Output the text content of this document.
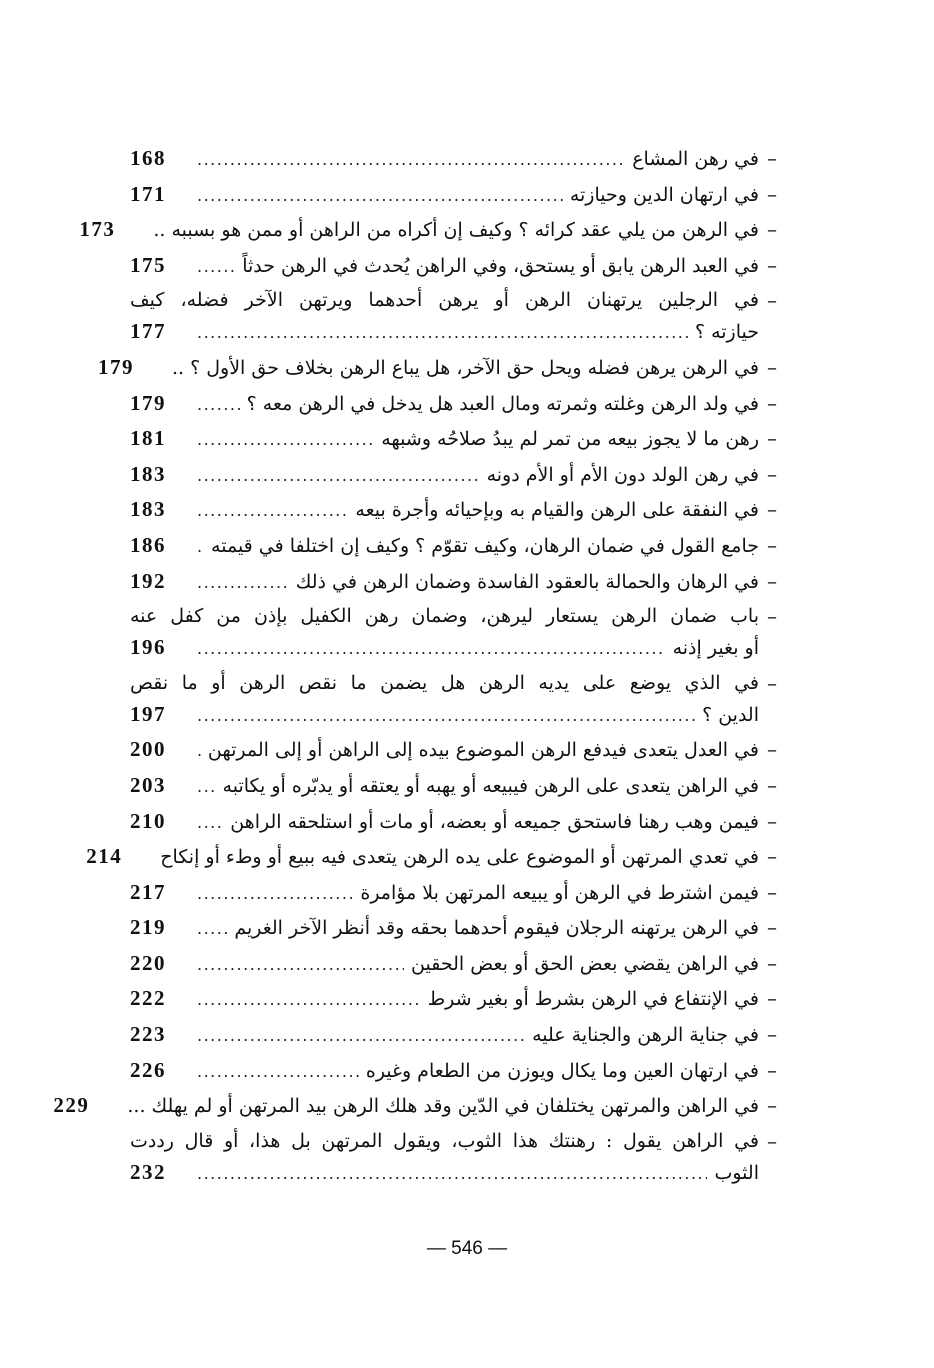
–
في رهن المشاع
.....
168
–
في ارتهان الدين وحيازته
.....
171
–
في الرهن من يلي عقد كرائه ؟ وكيف إن أكراه من الراهن أو ممن هو بسببه ..
173
–
في العبد الرهن يابق أو يستحق، وفي الراهن يُحدث في الرهن حدثاً
.....
175
–
في الرجلين يرتهنان الرهن أو يرهن أحدهما ويرتهن الآخر فضله، كيف
حيازته ؟
.....
177
–
في الرهن يرهن فضله ويحل حق الآخر، هل يباع الرهن بخلاف حق الأول ؟ ..
179
–
في ولد الرهن وغلته وثمرته ومال العبد هل يدخل في الرهن معه ؟
.....
179
–
رهن ما لا يجوز بيعه من تمر لم يبدُ صلاحُه وشبهه
.....
181
–
في رهن الولد دون الأم أو الأم دونه
.....
183
–
في النفقة على الرهن والقيام به وبإحيائه وأجرة بيعه
.....
183
–
جامع القول في ضمان الرهان، وكيف تقوّم ؟ وكيف إن اختلفا في قيمته
.....
186
–
في الرهان والحمالة بالعقود الفاسدة وضمان الرهن في ذلك
.....
192
–
باب ضمان الرهن يستعار ليرهن، وضمان رهن الكفيل بإذن من كفل عنه
أو بغير إذنه
.....
196
–
في الذي يوضع على يديه الرهن هل يضمن ما نقص الرهن أو ما نقص
الدين ؟
.....
197
–
في العدل يتعدى فيدفع الرهن الموضوع بيده إلى الراهن أو إلى المرتهن
.....
200
–
في الراهن يتعدى على الرهن فيبيعه أو يهبه أو يعتقه أو يدبّره أو يكاتبه
.....
203
–
فيمن وهب رهنا فاستحق جميعه أو بعضه، أو مات أو استلحقه الراهن
.....
210
–
في تعدي المرتهن أو الموضوع على يده الرهن يتعدى فيه ببيع أو وطء أو إنكاح
214
–
فيمن اشترط في الرهن أو يبيعه المرتهن بلا مؤامرة
.....
217
–
في الرهن يرتهنه الرجلان فيقوم أحدهما بحقه وقد أنظر الآخر الغريم
.....
219
–
في الراهن يقضي بعض الحق أو بعض الحقين
.....
220
–
في الإنتفاع في الرهن بشرط أو بغير شرط
.....
222
–
في جناية الرهن والجناية عليه
.....
223
–
في ارتهان العين وما يكال ويوزن من الطعام وغيره
.....
226
–
في الراهن والمرتهن يختلفان في الدّين وقد هلك الرهن بيد المرتهن أو لم يهلك ...
229
–
في الراهن يقول : رهنتك هذا الثوب، ويقول المرتهن بل هذا، أو قال رددت
الثوب
.....
232
— 546 —
